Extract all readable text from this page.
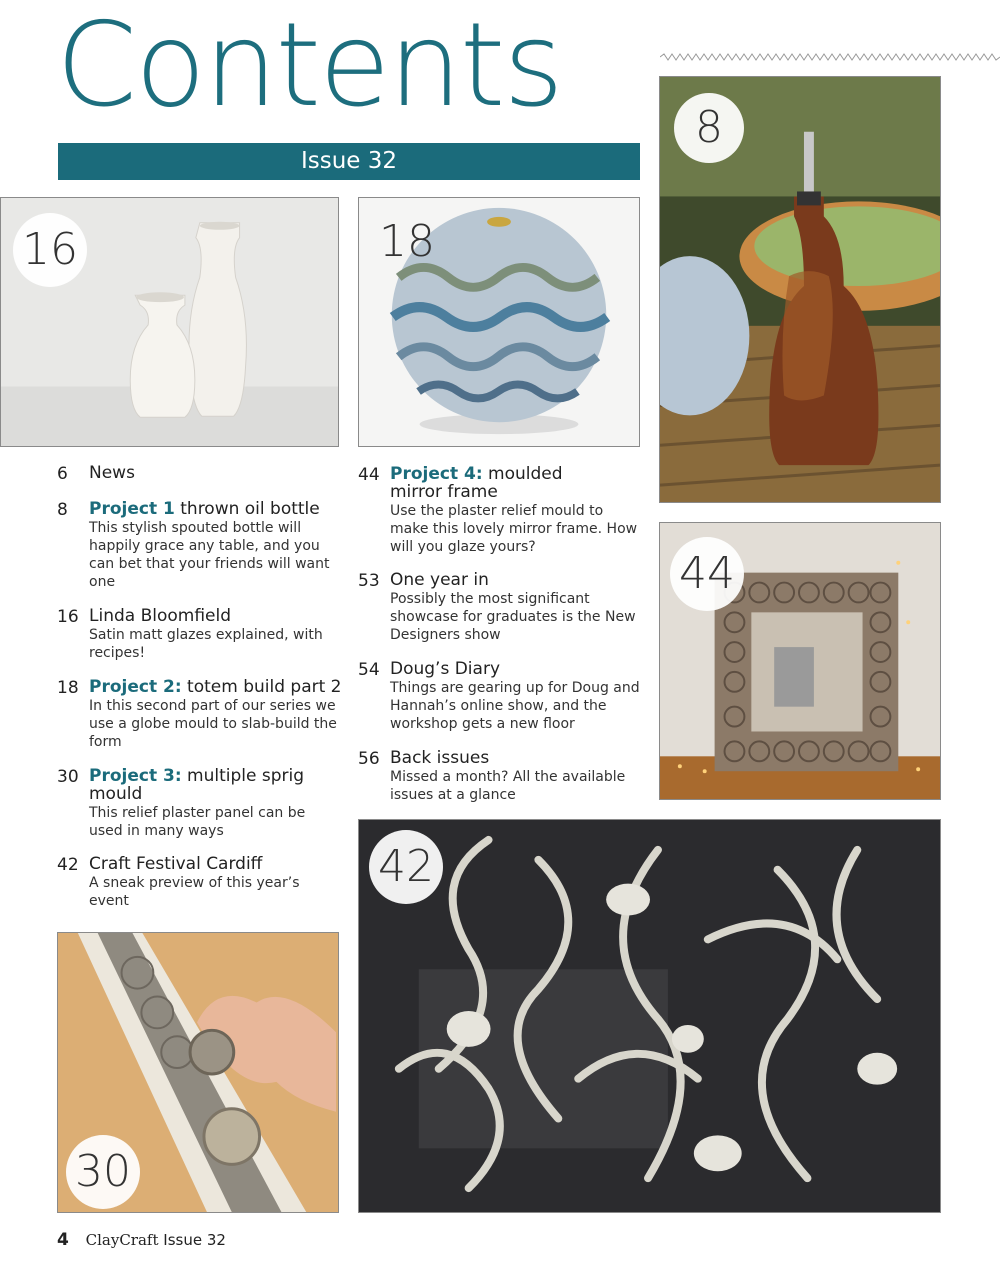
Contents
Issue 32
16	18
8
44
42
30
6 News
8 Project 1 thrown oil bottle
This stylish spouted bottle will happily grace any table, and you can bet that your friends will want one
16 Linda Bloomfield
Satin matt glazes explained, with recipes!
18 Project 2: totem build part 2
In this second part of our series we use a globe mould to slab-build the form
30 Project 3: multiple sprig
mould
This relief plaster panel can be used in many ways
42 Craft Festival Cardiff
A sneak preview of this year’s event
44 Project 4: moulded
mirror frame
Use the plaster relief mould to make this lovely mirror frame. How will you glaze yours?
53 One year in
Possibly the most significant showcase for graduates is the New Designers show
54 Doug’s Diary
Things are gearing up for Doug and Hannah’s online show, and the workshop gets a new floor
56 Back issues
Missed a month? All the available issues at a glance
4 ClayCraft Issue 32
